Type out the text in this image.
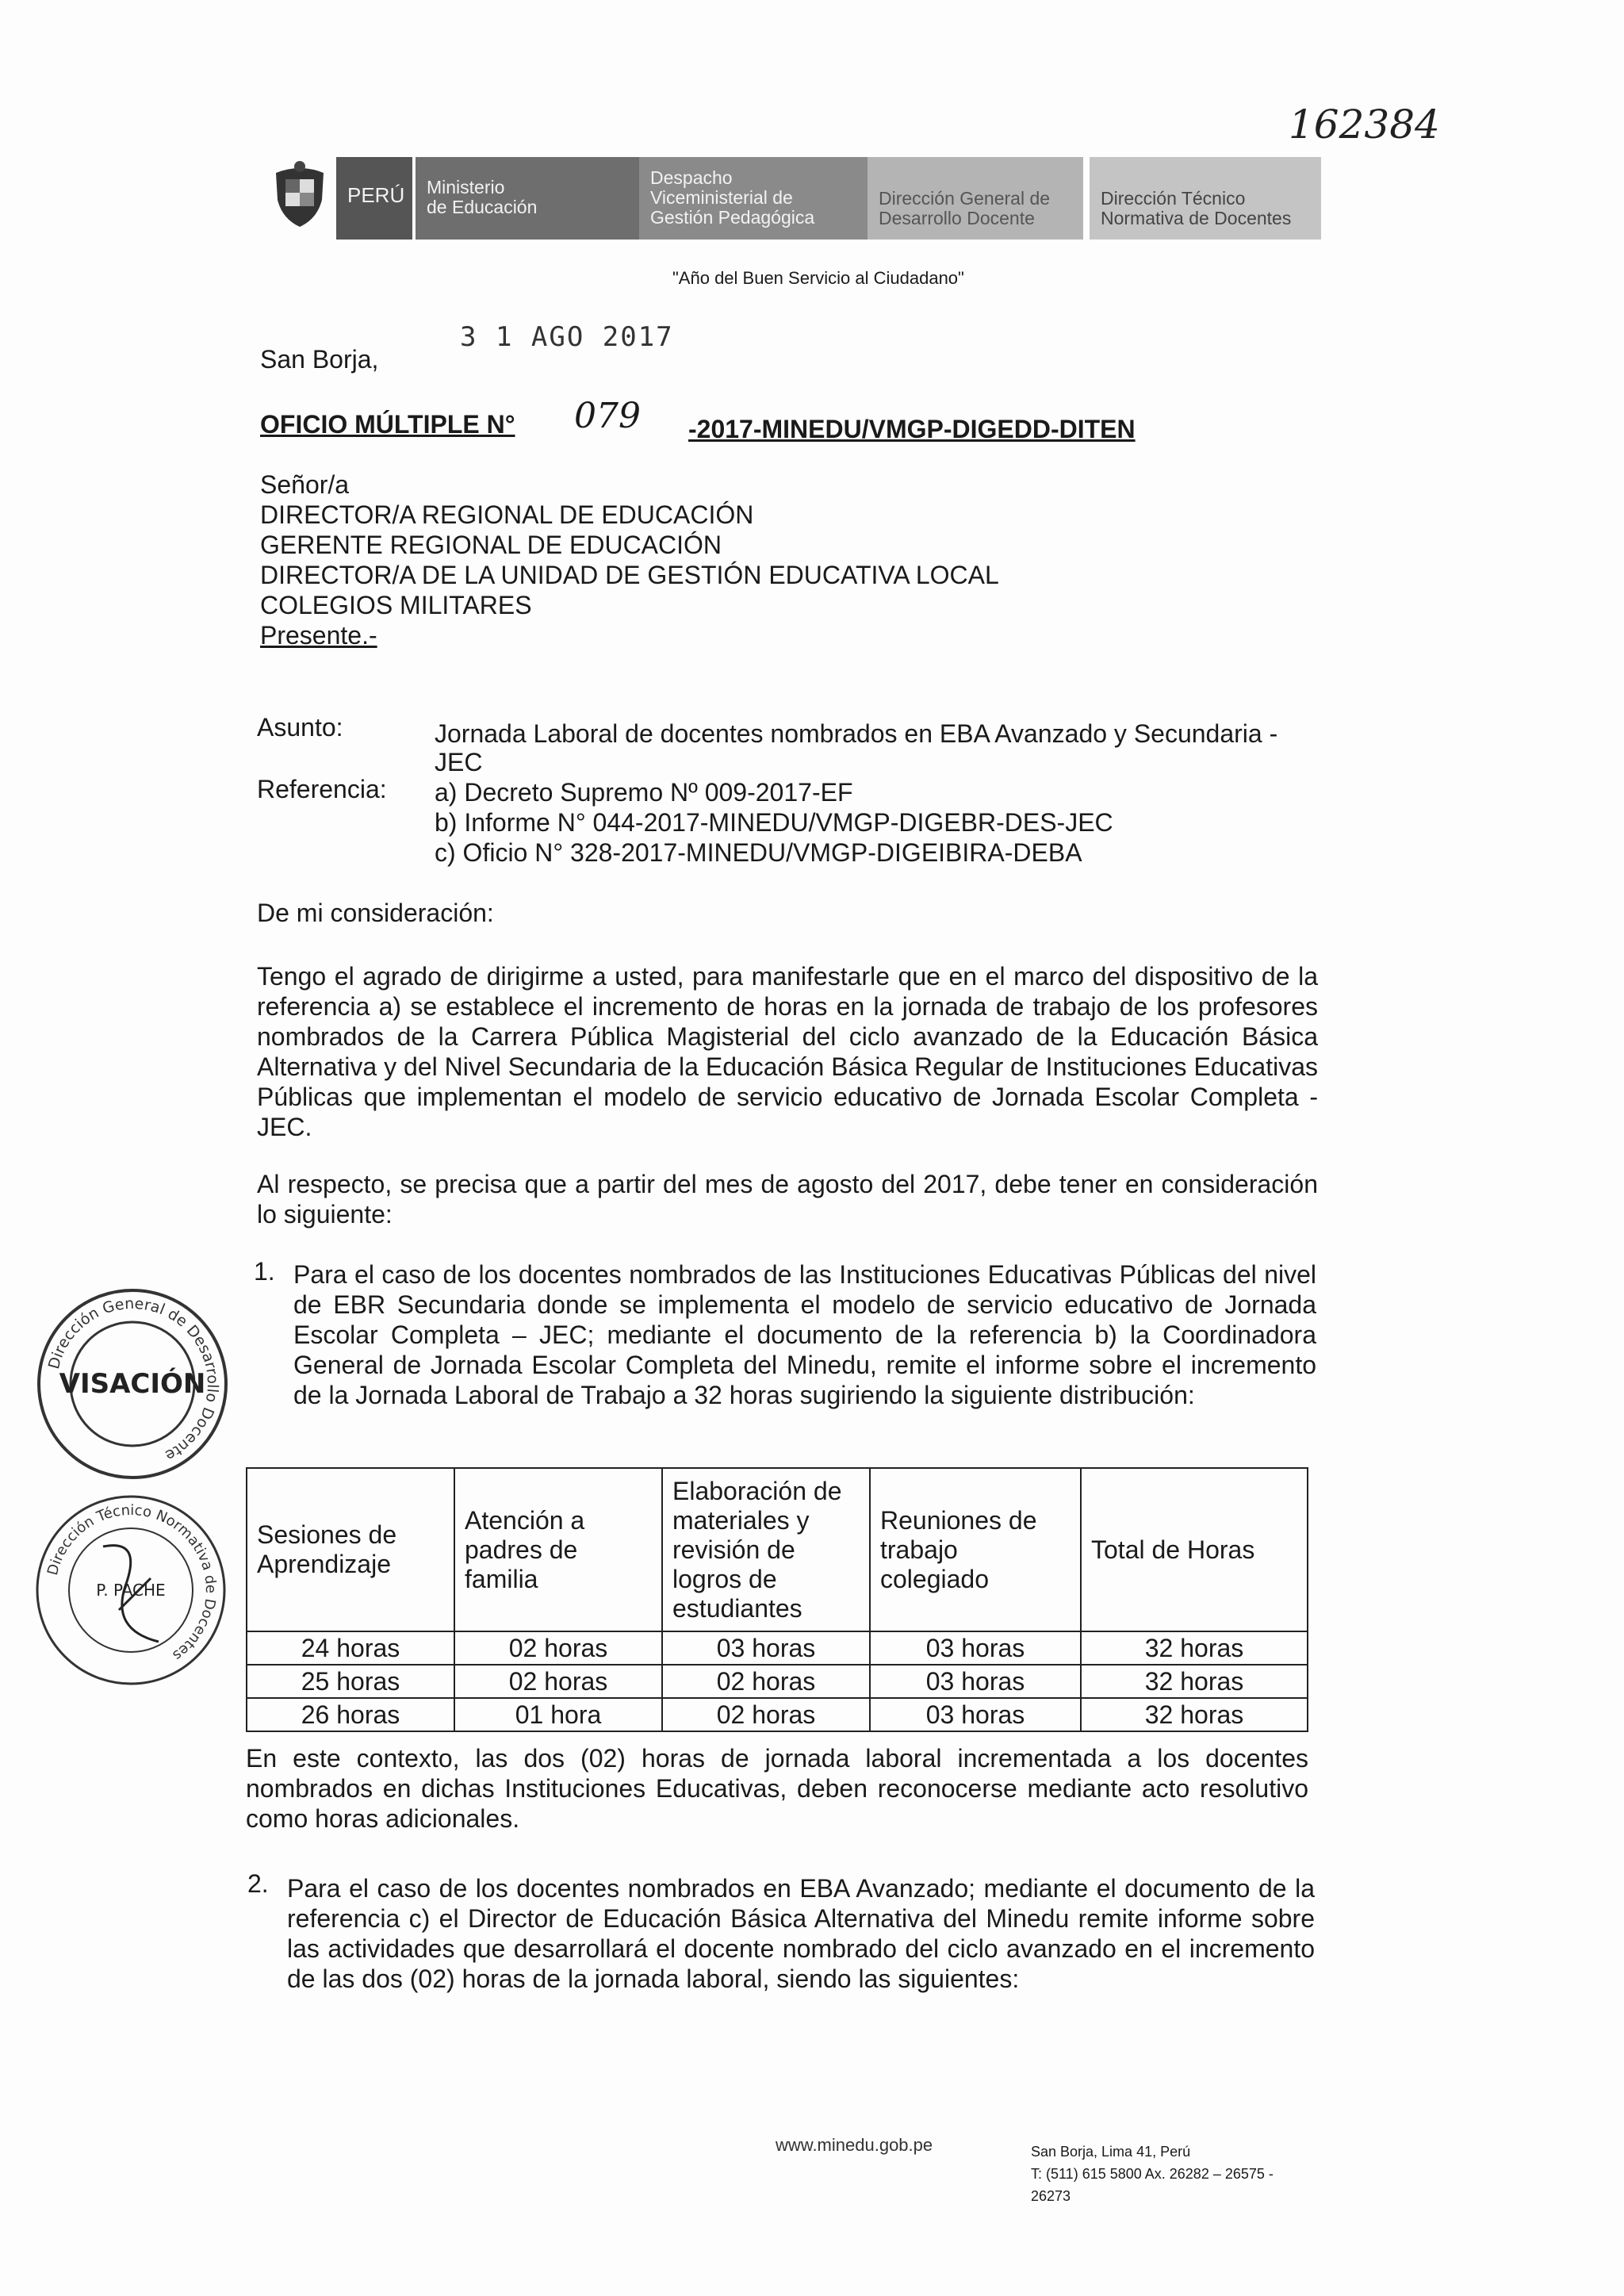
162384
PERÚ	Ministerio
de Educación
Despacho
Viceministerial de
Gestión Pedagógica
Dirección General de
Desarrollo Docente
Dirección Técnico
Normativa de Docentes
"Año del Buen Servicio al Ciudadano"
San Borja,
3 1 AGO 2017
OFICIO MÚLTIPLE N° 079 -2017-MINEDU/VMGP-DIGEDD-DITEN
Señor/a
DIRECTOR/A REGIONAL DE EDUCACIÓN
GERENTE REGIONAL DE EDUCACIÓN
DIRECTOR/A DE LA UNIDAD DE GESTIÓN EDUCATIVA LOCAL
COLEGIOS MILITARES
Presente.-
Asunto:	Jornada Laboral de docentes nombrados en EBA Avanzado y Secundaria -
JEC
Referencia: a) Decreto Supremo Nº 009-2017-EF
b) Informe N° 044-2017-MINEDU/VMGP-DIGEBR-DES-JEC
c) Oficio N° 328-2017-MINEDU/VMGP-DIGEIBIRA-DEBA
De mi consideración:
Tengo el agrado de dirigirme a usted, para manifestarle que en el marco del dispositivo de la referencia a) se establece el incremento de horas en la jornada de trabajo de los profesores nombrados de la Carrera Pública Magisterial del ciclo avanzado de la Educación Básica Alternativa y del Nivel Secundaria de la Educación Básica Regular de Instituciones Educativas Públicas que implementan el modelo de servicio educativo de Jornada Escolar Completa - JEC.
Al respecto, se precisa que a partir del mes de agosto del 2017, debe tener en consideración lo siguiente:
1. Para el caso de los docentes nombrados de las Instituciones Educativas Públicas del nivel de EBR Secundaria donde se implementa el modelo de servicio educativo de Jornada Escolar Completa – JEC; mediante el documento de la referencia b) la Coordinadora General de Jornada Escolar Completa del Minedu, remite el informe sobre el incremento de la Jornada Laboral de Trabajo a 32 horas sugiriendo la siguiente distribución:
Sesiones de Aprendizaje	Atención a padres de familia	Elaboración de materiales y revisión de logros de estudiantes	Reuniones de trabajo colegiado	Total de Horas
24 horas	02 horas	03 horas	03 horas	32 horas
25 horas	02 horas	02 horas	03 horas	32 horas
26 horas	01 hora	02 horas	03 horas	32 horas
En este contexto, las dos (02) horas de jornada laboral incrementada a los docentes nombrados en dichas Instituciones Educativas, deben reconocerse mediante acto resolutivo como horas adicionales.
2. Para el caso de los docentes nombrados en EBA Avanzado; mediante el documento de la referencia c) el Director de Educación Básica Alternativa del Minedu remite informe sobre las actividades que desarrollará el docente nombrado del ciclo avanzado en el incremento de las dos (02) horas de la jornada laboral, siendo las siguientes:
Dirección General de Desarrollo Docente
VISACIÓN
Dirección Técnico Normativa de Docentes
P. PACHE
www.minedu.gob.pe	San Borja, Lima 41, Perú
T: (511) 615 5800 Ax. 26282 – 26575 -
26273
